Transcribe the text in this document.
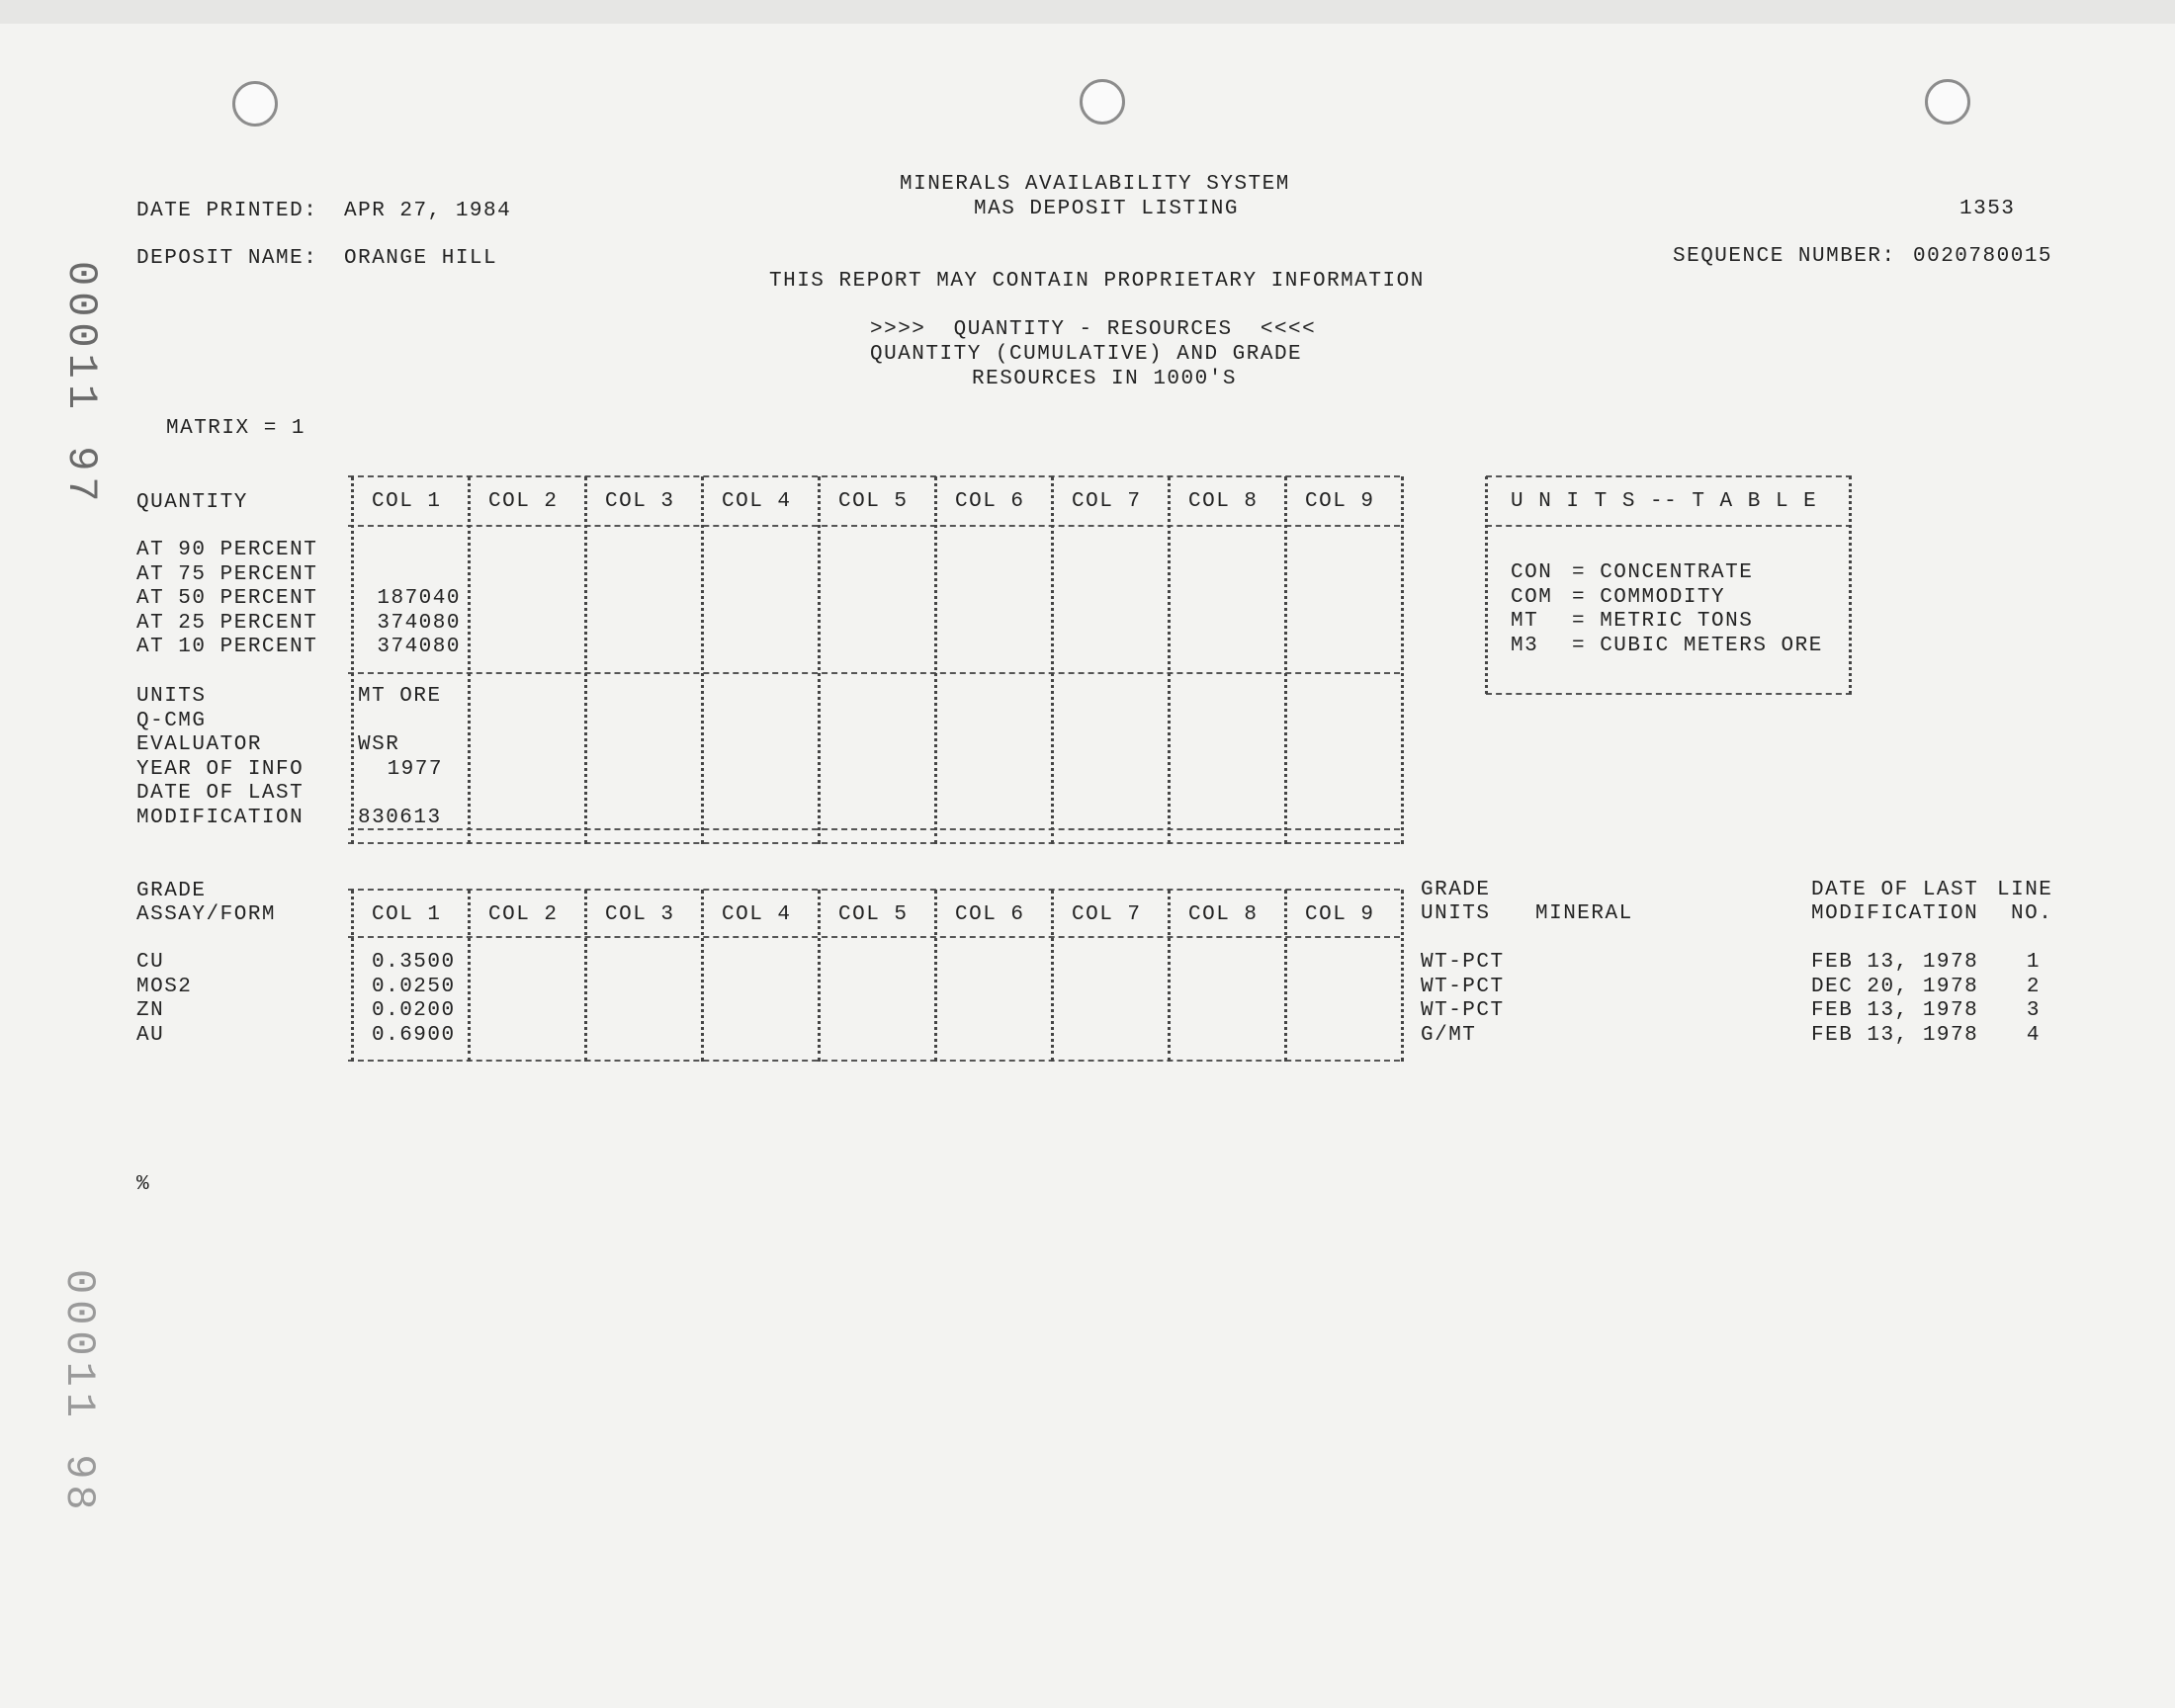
00011 97
00011 98
MINERALS AVAILABILITY SYSTEM
MAS DEPOSIT LISTING
DATE PRINTED: APR 27, 1984	1353
DEPOSIT NAME: ORANGE HILL	SEQUENCE NUMBER: 0020780015
THIS REPORT MAY CONTAIN PROPRIETARY INFORMATION
>>>>  QUANTITY - RESOURCES  <<<<
QUANTITY (CUMULATIVE) AND GRADE
RESOURCES IN 1000'S
MATRIX = 1
QUANTITY	COL 1 COL 2 COL 3 COL 4 COL 5 COL 6 COL 7 COL 8 COL 9
AT 90 PERCENT
AT 75 PERCENT
AT 50 PERCENT	187040
AT 25 PERCENT	374080
AT 10 PERCENT	374080
UNITS	MT ORE
Q-CMG
EVALUATOR	WSR
YEAR OF INFO	1977
DATE OF LAST
MODIFICATION	830613
U N I T S -- T A B L E
CON = CONCENTRATE
COM = COMMODITY
MT = METRIC TONS
M3 = CUBIC METERS ORE
GRADE
ASSAY/FORM
GRADE
UNITS MINERAL
DATE OF LAST
MODIFICATION
LINE
NO.
COL 1 COL 2 COL 3 COL 4 COL 5 COL 6 COL 7 COL 8 COL 9
CU	0.3500	WT-PCT	FEB 13, 1978	1
MOS2	0.0250	WT-PCT	DEC 20, 1978	2
ZN	0.0200	WT-PCT	FEB 13, 1978	3
AU	0.6900	G/MT	FEB 13, 1978	4
%
